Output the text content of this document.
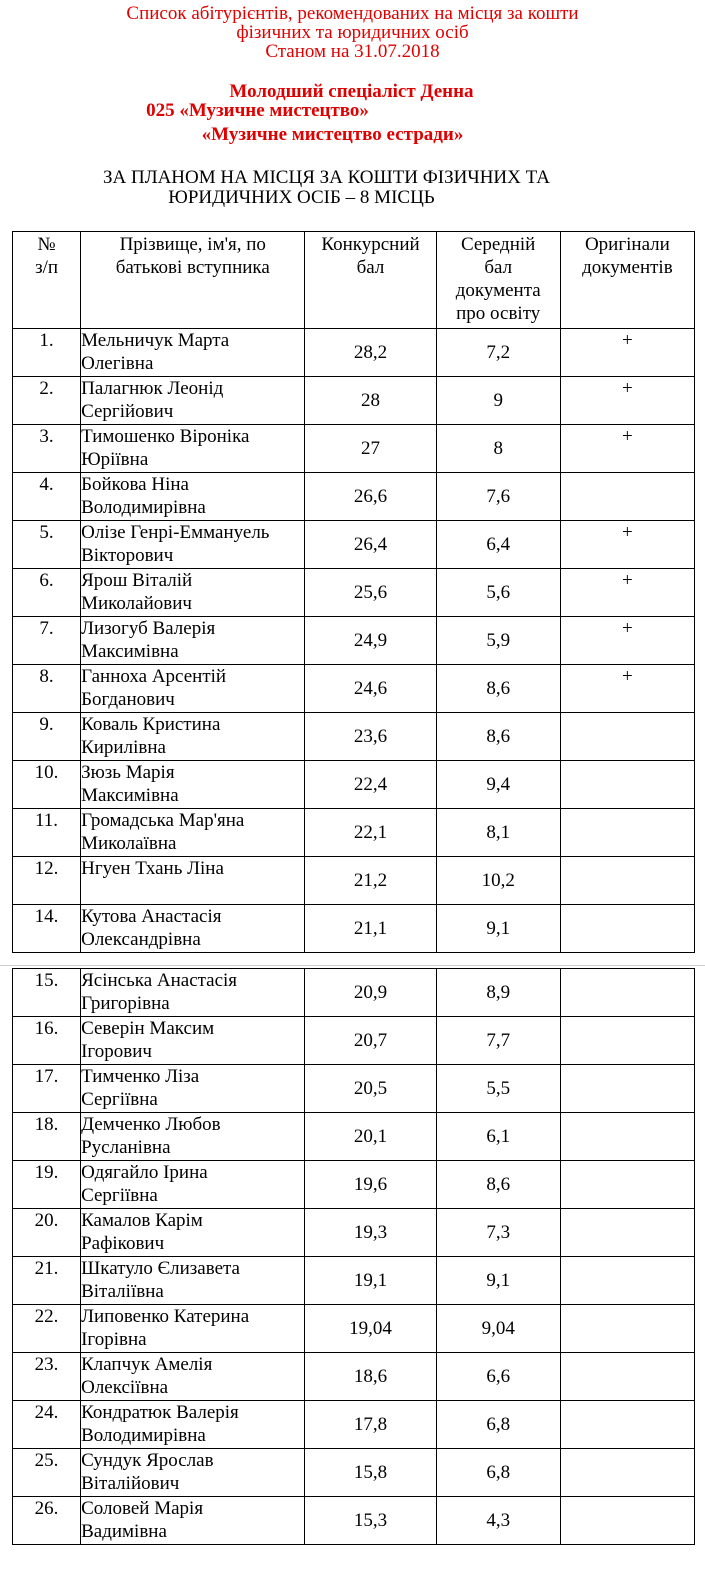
Список абітурієнтів, рекомендованих на місця за кошти

фізичних та юридичних осіб

Станом на 31.07.2018

Молодший спеціаліст Денна

025 «Музичне мистецтво»

«Музичне мистецтво естради»

ЗА ПЛАНОМ НА МІСЦЯ ЗА КОШТИ ФІЗИЧНИХ ТА

ЮРИДИЧНИХ ОСІБ – 8 МІСЦЬ

№
з/п	Прізвище, ім'я, по
батькові вступника	Конкурсний
бал	Середній
бал
документа
про освіту	Оригінали
документів
1.	Мельничук Марта
Олегівна	28,2	7,2	+
2.	Палагнюк Леонід
Сергійович	28	9	+
3.	Тимошенко Віроніка
Юріївна	27	8	+
4.	Бойкова Ніна
Володимирівна	26,6	7,6	
5.	Олізе Генрі-Еммануель
Вікторович	26,4	6,4	+
6.	Ярош Віталій
Миколайович	25,6	5,6	+
7.	Лизогуб Валерія
Максимівна	24,9	5,9	+
8.	Ганноха Арсентій
Богданович	24,6	8,6	+
9.	Коваль Кристина
Кирилівна	23,6	8,6	
10.	Зюзь Марія
Максимівна	22,4	9,4	
11.	Громадська Мар'яна
Миколаївна	22,1	8,1	
12.	Нгуен Тхань Ліна	21,2	10,2	
14.	Кутова Анастасія
Олександрівна	21,1	9,1	
15.	Ясінська Анастасія
Григорівна	20,9	8,9	
16.	Северін Максим
Ігорович	20,7	7,7	
17.	Тимченко Ліза
Сергіївна	20,5	5,5	
18.	Демченко Любов
Русланівна	20,1	6,1	
19.	Одягайло Ірина
Сергіївна	19,6	8,6	
20.	Камалов Карім
Рафікович	19,3	7,3	
21.	Шкатуло Єлизавета
Віталіївна	19,1	9,1	
22.	Липовенко Катерина
Ігорівна	19,04	9,04	
23.	Клапчук Амелія
Олексіївна	18,6	6,6	
24.	Кондратюк Валерія
Володимирівна	17,8	6,8	
25.	Сундук Ярослав
Віталійович	15,8	6,8	
26.	Соловей Марія
Вадимівна	15,3	4,3	
